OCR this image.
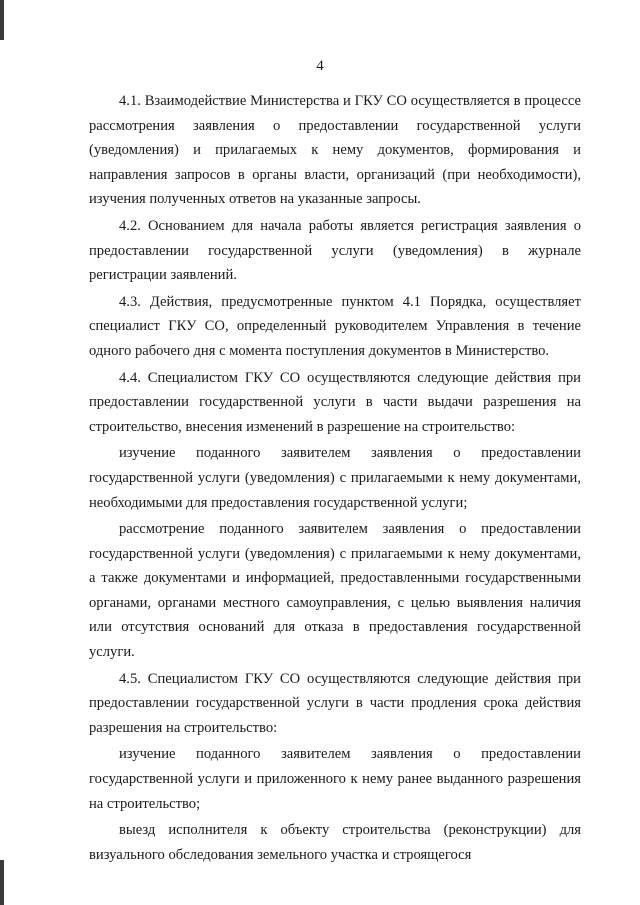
4

4.1. Взаимодействие Министерства и ГКУ СО осуществляется в процессе рассмотрения заявления о предоставлении государственной услуги (уведомления) и прилагаемых к нему документов, формирования и направления запросов в органы власти, организаций (при необходимости), изучения полученных ответов на указанные запросы.

4.2. Основанием для начала работы является регистрация заявления о предоставлении государственной услуги (уведомления) в журнале регистрации заявлений.

4.3. Действия, предусмотренные пунктом 4.1 Порядка, осуществляет специалист ГКУ СО, определенный руководителем Управления в течение одного рабочего дня с момента поступления документов в Министерство.

4.4. Специалистом ГКУ СО осуществляются следующие действия при предоставлении государственной услуги в части выдачи разрешения на строительство, внесения изменений в разрешение на строительство:

изучение поданного заявителем заявления о предоставлении государственной услуги (уведомления) с прилагаемыми к нему документами, необходимыми для предоставления государственной услуги;

рассмотрение поданного заявителем заявления о предоставлении государственной услуги (уведомления) с прилагаемыми к нему документами, а также документами и информацией, предоставленными государственными органами, органами местного самоуправления, с целью выявления наличия или отсутствия оснований для отказа в предоставления государственной услуги.

4.5. Специалистом ГКУ СО осуществляются следующие действия при предоставлении государственной услуги в части продления срока действия разрешения на строительство:

изучение поданного заявителем заявления о предоставлении государственной услуги и приложенного к нему ранее выданного разрешения на строительство;

выезд исполнителя к объекту строительства (реконструкции) для визуального обследования земельного участка и строящегося
